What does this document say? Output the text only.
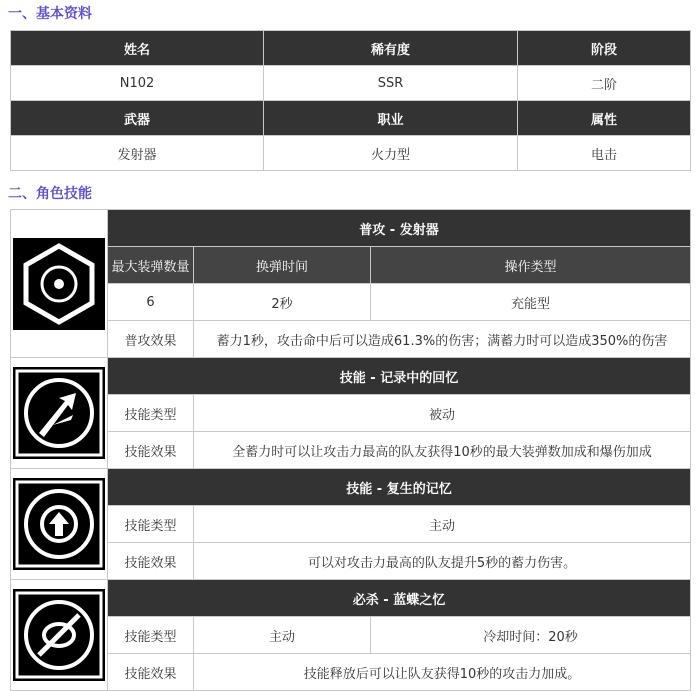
一、基本资料
姓名	稀有度	阶段
N102	SSR	二阶
武器	职业	属性
发射器	火力型	电击
二、角色技能
	普攻 - 发射器		
	最大装弹数量	换弹时间	操作类型
	6	2秒	充能型
	普攻效果	蓄力1秒，攻击命中后可以造成61.3%的伤害；满蓄力时可以造成350%的伤害	

	技能 - 记录中的回忆		
	技能类型	被动	
	技能效果	全蓄力时可以让攻击力最高的队友获得10秒的最大装弹数加成和爆伤加成	

	技能 - 复生的记忆		
	技能类型	主动	
	技能效果	可以对攻击力最高的队友提升5秒的蓄力伤害。	

	必杀 - 蓝蝶之忆		
	技能类型	主动	冷却时间：20秒
	技能效果	技能释放后可以让队友获得10秒的攻击力加成。	
